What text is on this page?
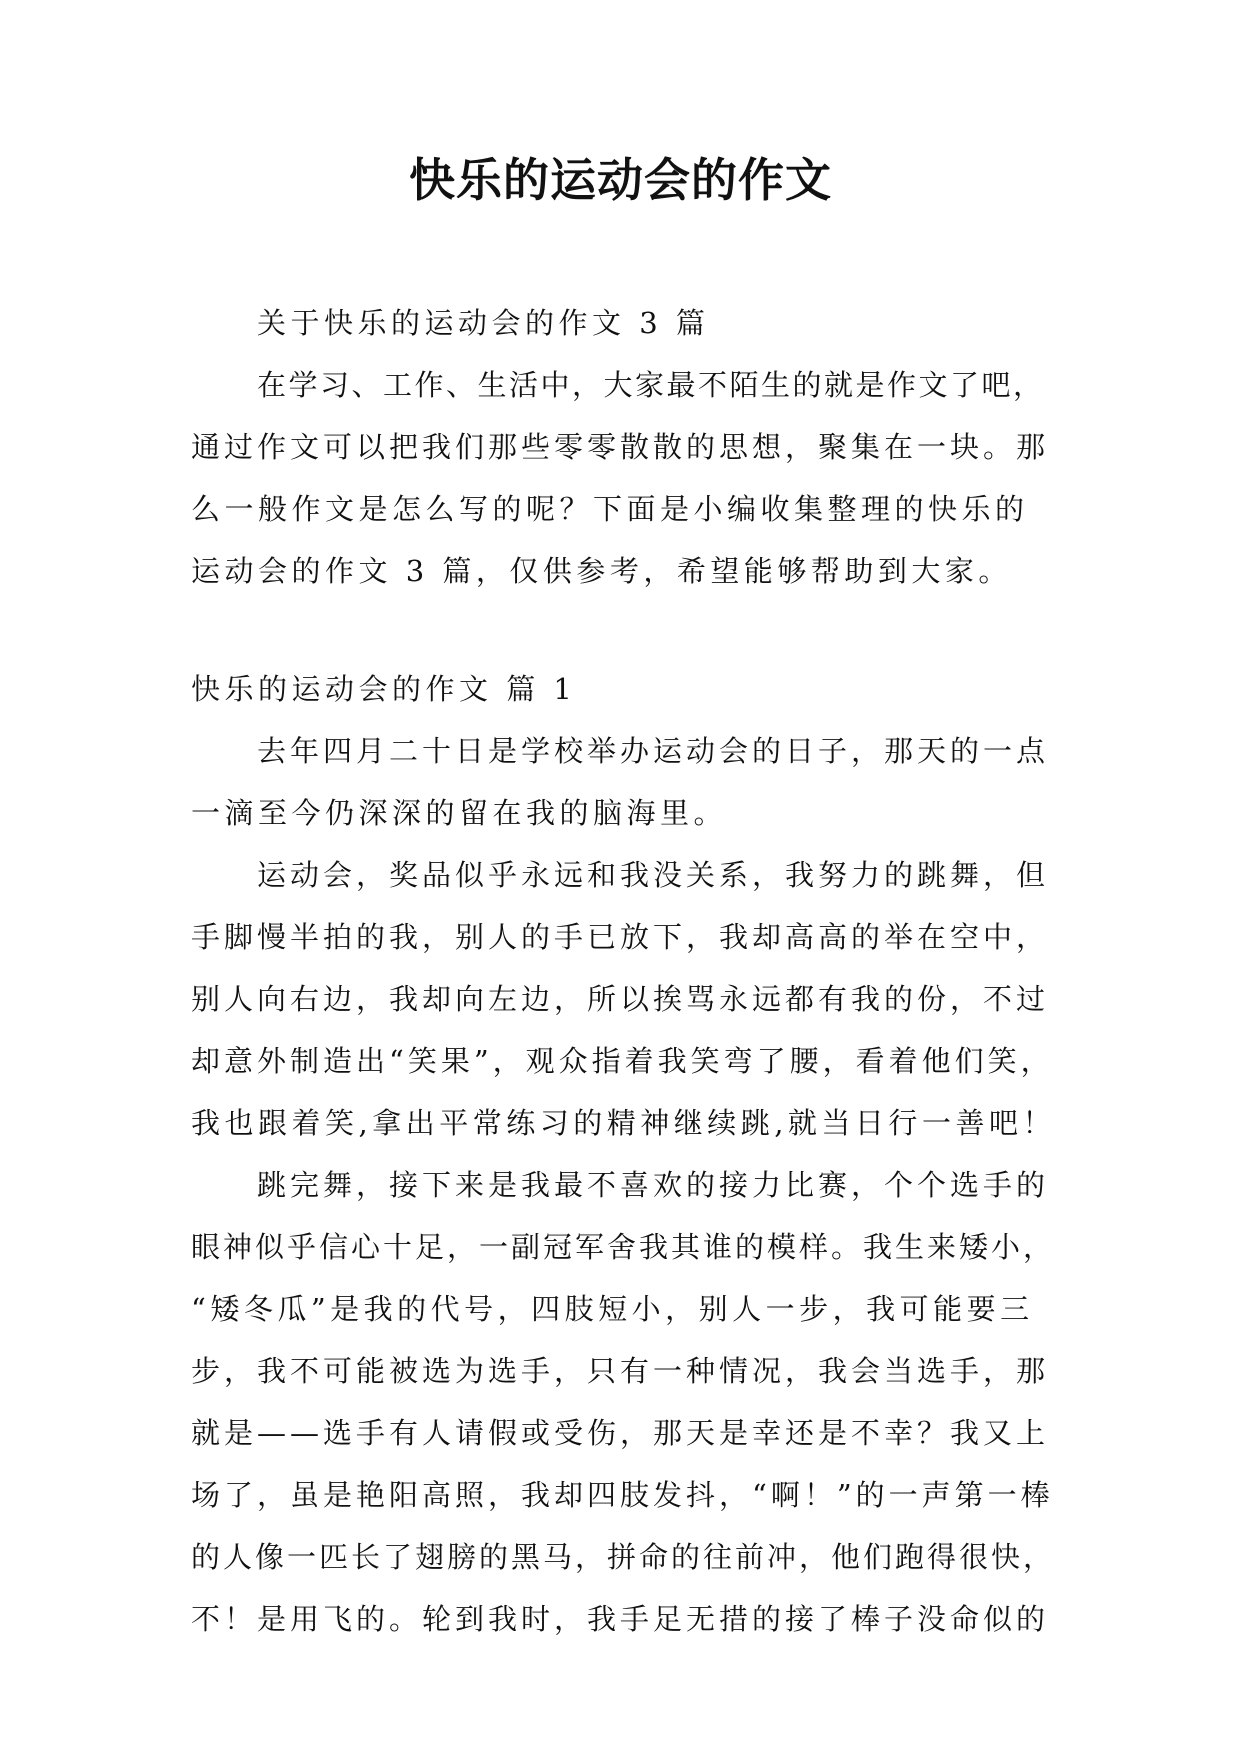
快乐的运动会的作文
关于快乐的运动会的作文 3 篇
在学习、工作、生活中，大家最不陌生的就是作文了吧，
通过作文可以把我们那些零零散散的思想，聚集在一块。那
么一般作文是怎么写的呢？下面是小编收集整理的快乐的
运动会的作文 3 篇，仅供参考，希望能够帮助到大家。
快乐的运动会的作文 篇 1
去年四月二十日是学校举办运动会的日子，那天的一点
一滴至今仍深深的留在我的脑海里。
运动会，奖品似乎永远和我没关系，我努力的跳舞，但
手脚慢半拍的我，别人的手已放下，我却高高的举在空中，
别人向右边，我却向左边，所以挨骂永远都有我的份，不过
却意外制造出“笑果”，观众指着我笑弯了腰，看着他们笑，
我也跟着笑,拿出平常练习的精神继续跳,就当日行一善吧！
跳完舞，接下来是我最不喜欢的接力比赛，个个选手的
眼神似乎信心十足，一副冠军舍我其谁的模样。我生来矮小，
“矮冬瓜”是我的代号，四肢短小，别人一步，我可能要三
步，我不可能被选为选手，只有一种情况，我会当选手，那
就是——选手有人请假或受伤，那天是幸还是不幸？我又上
场了，虽是艳阳高照，我却四肢发抖，“啊！”的一声第一棒
的人像一匹长了翅膀的黑马，拼命的往前冲，他们跑得很快，
不！是用飞的。轮到我时，我手足无措的接了棒子没命似的
